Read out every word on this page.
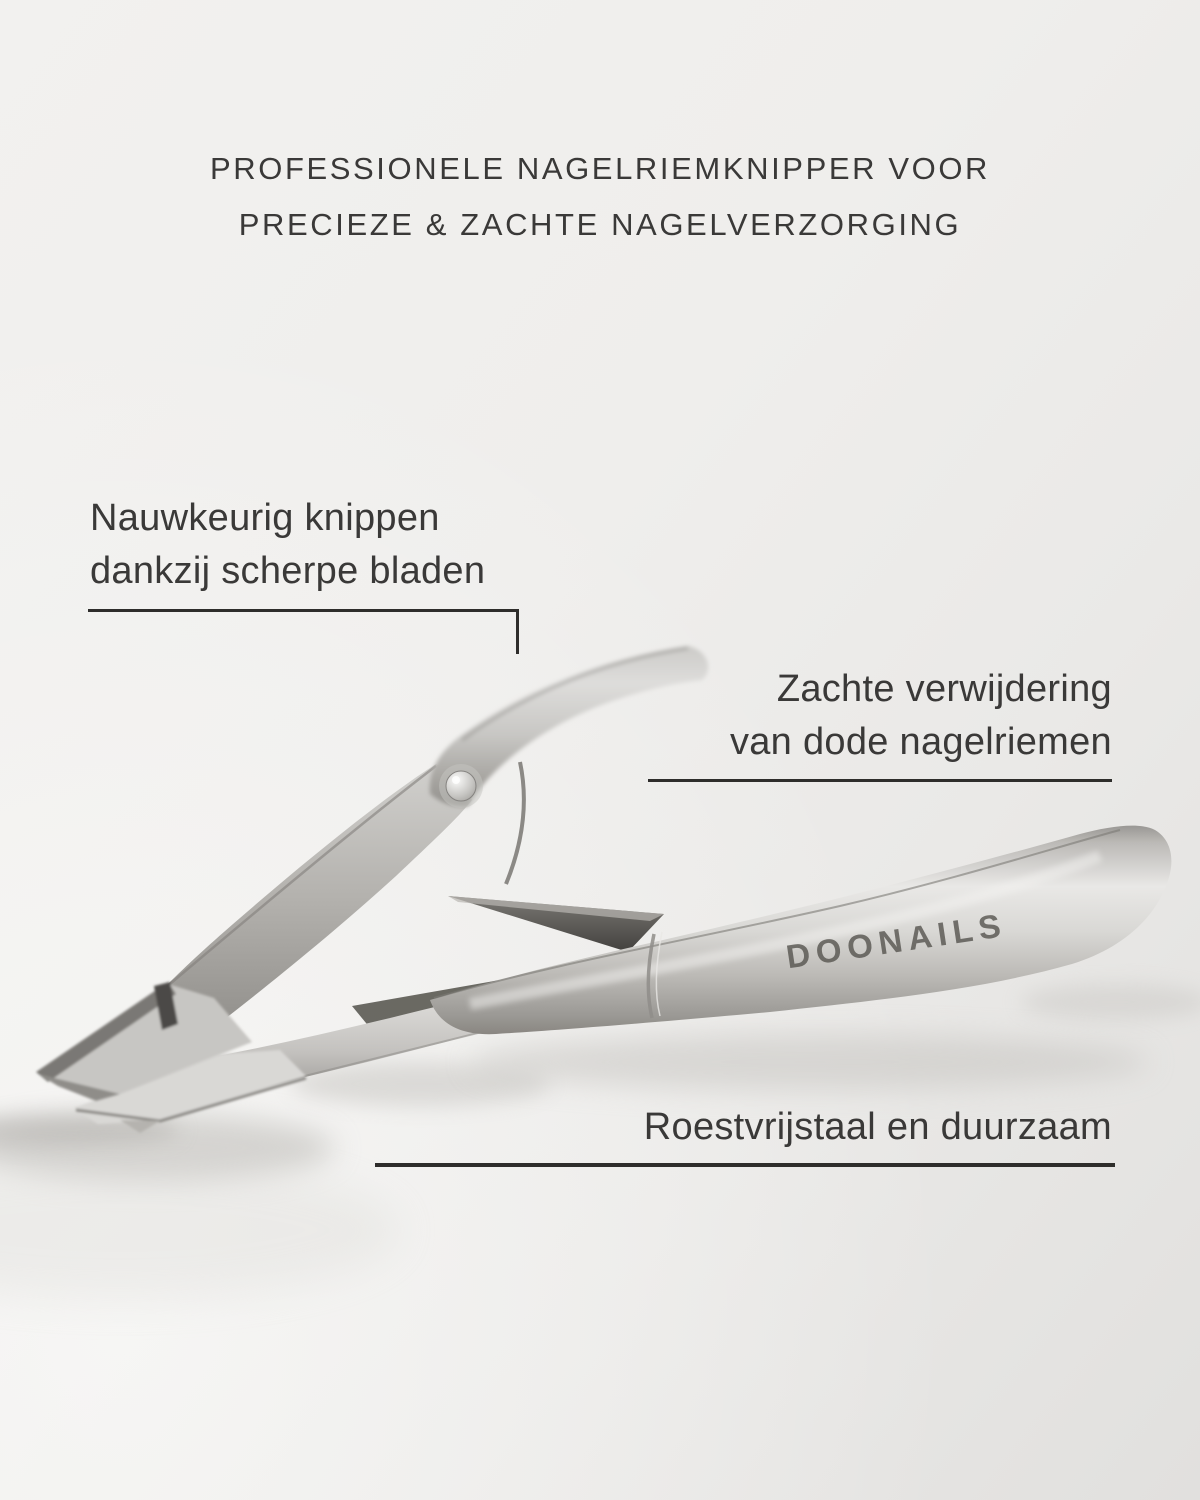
DOONAILS
PROFESSIONELE NAGELRIEMKNIPPER VOOR
PRECIEZE & ZACHTE NAGELVERZORGING
Nauwkeurig knippen
dankzij scherpe bladen
Zachte verwijdering
van dode nagelriemen
Roestvrijstaal en duurzaam
